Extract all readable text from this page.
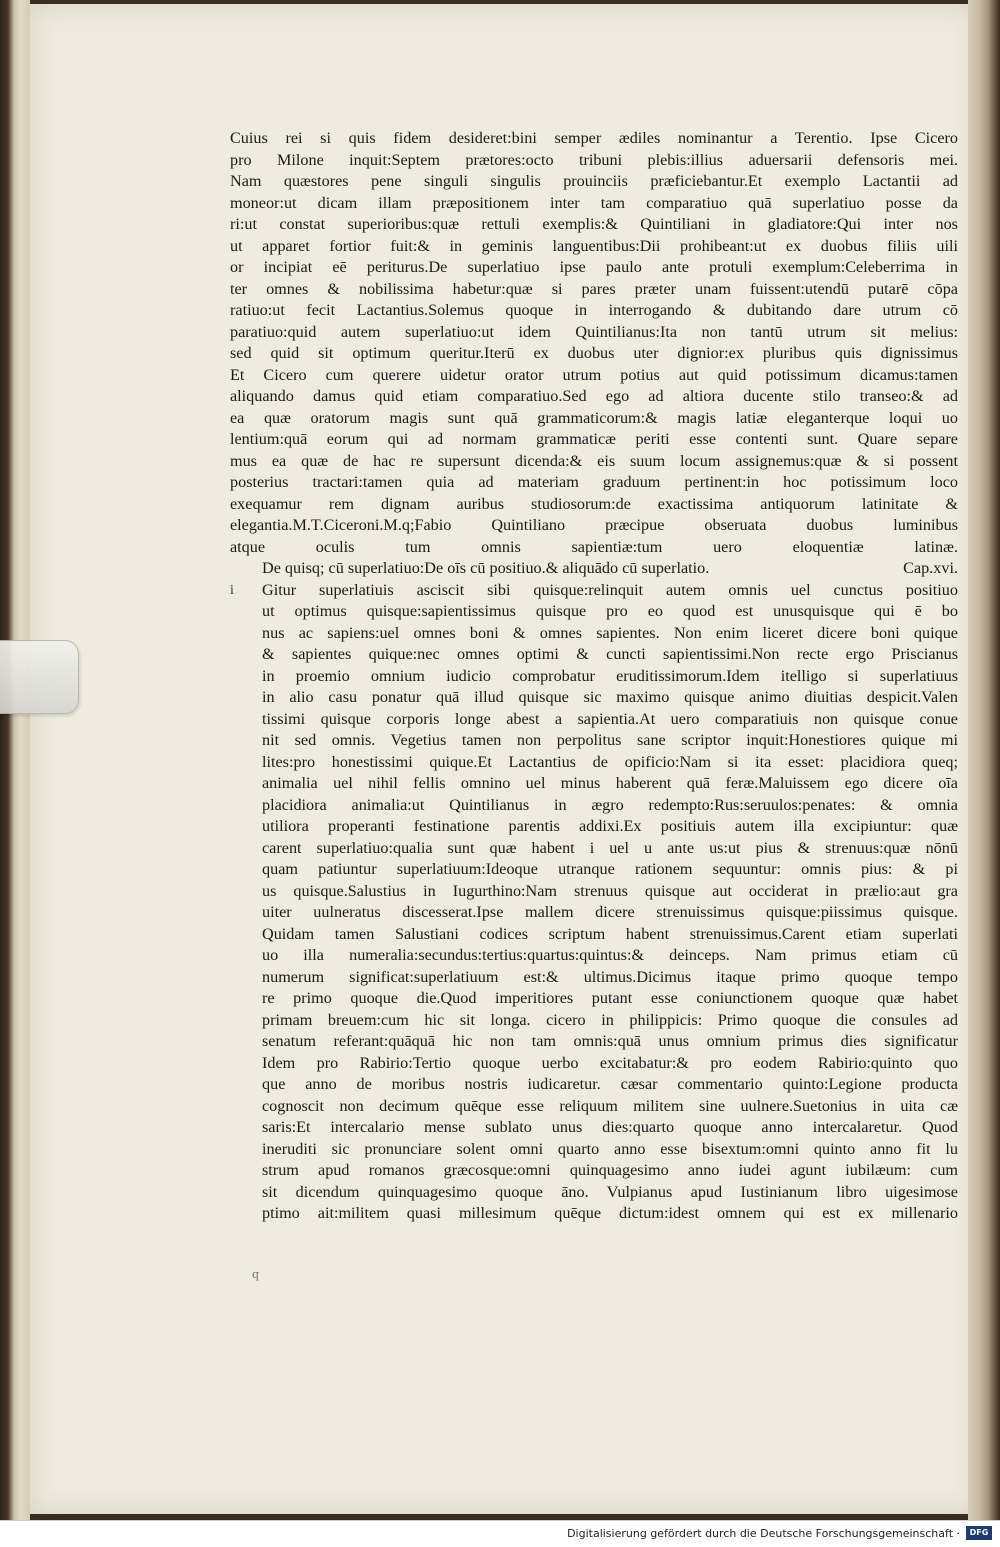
Cuius rei si quis fidem desideret:bini semper ædiles nominantur a Terentio. Ipse Cicero
pro Milone inquit:Septem prætores:octo tribuni plebis:illius aduersarii defensoris mei.
Nam quæstores pene singuli singulis prouinciis præficiebantur.Et exemplo Lactantii ad
moneor:ut dicam illam præpositionem inter tam comparatiuo quā superlatiuo posse da
ri:ut constat superioribus:quæ rettuli exemplis:& Quintiliani in gladiatore:Qui inter nos
ut apparet fortior fuit:& in geminis languentibus:Dii prohibeant:ut ex duobus filiis uili
or incipiat eē periturus.De superlatiuo ipse paulo ante protuli exemplum:Celeberrima in
ter omnes & nobilissima habetur:quæ si pares præter unam fuissent:utendū putarē cōpa
ratiuo:ut fecit Lactantius.Solemus quoque in interrogando & dubitando dare utrum cō
paratiuo:quid autem superlatiuo:ut idem Quintilianus:Ita non tantū utrum sit melius:
sed quid sit optimum queritur.Iterū ex duobus uter dignior:ex pluribus quis dignissimus
Et Cicero cum querere uidetur orator utrum potius aut quid potissimum dicamus:tamen
aliquando damus quid etiam comparatiuo.Sed ego ad altiora ducente stilo transeo:& ad
ea quæ oratorum magis sunt quā grammaticorum:& magis latiæ eleganterque loqui uo
lentium:quā eorum qui ad normam grammaticæ periti esse contenti sunt. Quare separe
mus ea quæ de hac re supersunt dicenda:& eis suum locum assignemus:quæ & si possent
posterius tractari:tamen quia ad materiam graduum pertinent:in hoc potissimum loco
exequamur rem dignam auribus studiosorum:de exactissima antiquorum latinitate &
elegantia.M.T.Ciceroni.M.q;Fabio Quintiliano præcipue obseruata duobus luminibus
atque oculis tum omnis sapientiæ:tum uero eloquentiæ latinæ.
De quisq; cū superlatiuo:De oīs cū positiuo.& aliquādo cū superlatio.	Cap.xvi.
Gitur superlatiuis asciscit sibi quisque:relinquit autem omnis uel cunctus positiuo
i
ut optimus quisque:sapientissimus quisque pro eo quod est unusquisque qui ē bo
nus ac sapiens:uel omnes boni & omnes sapientes. Non enim liceret dicere boni quique
& sapientes quique:nec omnes optimi & cuncti sapientissimi.Non recte ergo Priscianus
in proemio omnium iudicio comprobatur eruditissimorum.Idem itelligo si superlatiuus
in alio casu ponatur quā illud quisque sic maximo quisque animo diuitias despicit.Valen
tissimi quisque corporis longe abest a sapientia.At uero comparatiuis non quisque conue
nit sed omnis. Vegetius tamen non perpolitus sane scriptor inquit:Honestiores quique mi
lites:pro honestissimi quique.Et Lactantius de opificio:Nam si ita esset: placidiora queq;
animalia uel nihil fellis omnino uel minus haberent quā feræ.Maluissem ego dicere oīa
placidiora animalia:ut Quintilianus in ægro redempto:Rus:seruulos:penates: & omnia
utiliora properanti festinatione parentis addixi.Ex positiuis autem illa excipiuntur: quæ
carent superlatiuo:qualia sunt quæ habent i uel u ante us:ut pius & strenuus:quæ nōnū
quam patiuntur superlatiuum:Ideoque utranque rationem sequuntur: omnis pius: & pi
us quisque.Salustius in Iugurthino:Nam strenuus quisque aut occiderat in prælio:aut gra
uiter uulneratus discesserat.Ipse mallem dicere strenuissimus quisque:piissimus quisque.
Quidam tamen Salustiani codices scriptum habent strenuissimus.Carent etiam superlati
uo illa numeralia:secundus:tertius:quartus:quintus:& deinceps. Nam primus etiam cū
numerum significat:superlatiuum est:& ultimus.Dicimus itaque primo quoque tempo
re primo quoque die.Quod imperitiores putant esse coniunctionem quoque quæ habet
primam breuem:cum hic sit longa. cicero in philippicis: Primo quoque die consules ad
senatum referant:quāquā hic non tam omnis:quā unus omnium primus dies significatur
Idem pro Rabirio:Tertio quoque uerbo excitabatur:& pro eodem Rabirio:quinto quo
que anno de moribus nostris iudicaretur. cæsar commentario quinto:Legione producta
cognoscit non decimum quēque esse reliquum militem sine uulnere.Suetonius in uita cæ
saris:Et intercalario mense sublato unus dies:quarto quoque anno intercalaretur. Quod
ineruditi sic pronunciare solent omni quarto anno esse bisextum:omni quinto anno fit lu
strum apud romanos græcosque:omni quinquagesimo anno iudei agunt iubilæum: cum
sit dicendum quinquagesimo quoque āno. Vulpianus apud Iustinianum libro uigesimose
ptimo ait:militem quasi millesimum quēque dictum:idest omnem qui est ex millenario
q
Digitalisierung gefördert durch die Deutsche Forschungsgemeinschaft ·	DFG
